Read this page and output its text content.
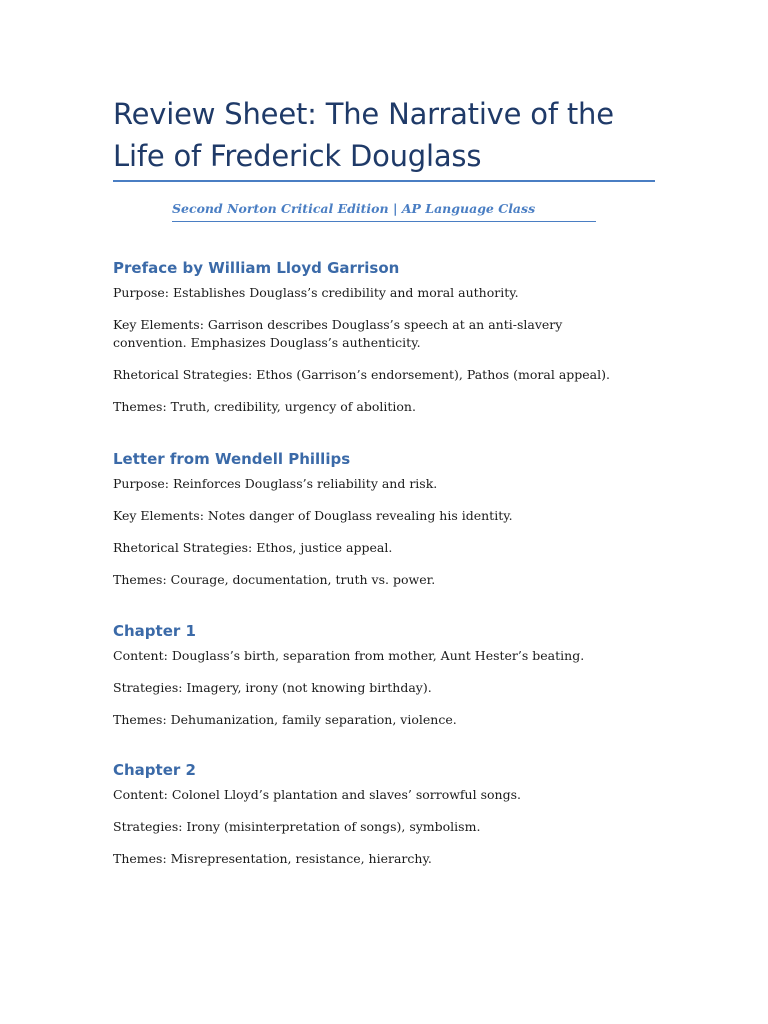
Review Sheet: The Narrative of the Life of Frederick Douglass

Second Norton Critical Edition | AP Language Class

Preface by William Lloyd Garrison

Purpose: Establishes Douglass’s credibility and moral authority.

Key Elements: Garrison describes Douglass’s speech at an anti-slavery convention. Emphasizes Douglass’s authenticity.

Rhetorical Strategies: Ethos (Garrison’s endorsement), Pathos (moral appeal).

Themes: Truth, credibility, urgency of abolition.

Letter from Wendell Phillips

Purpose: Reinforces Douglass’s reliability and risk.

Key Elements: Notes danger of Douglass revealing his identity.

Rhetorical Strategies: Ethos, justice appeal.

Themes: Courage, documentation, truth vs. power.

Chapter 1

Content: Douglass’s birth, separation from mother, Aunt Hester’s beating.

Strategies: Imagery, irony (not knowing birthday).

Themes: Dehumanization, family separation, violence.

Chapter 2

Content: Colonel Lloyd’s plantation and slaves’ sorrowful songs.

Strategies: Irony (misinterpretation of songs), symbolism.

Themes: Misrepresentation, resistance, hierarchy.
